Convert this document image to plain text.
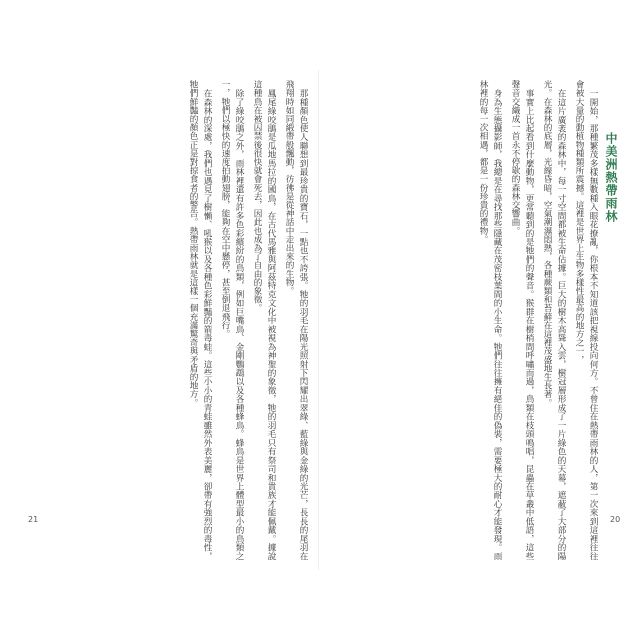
一開始，那種繁茂多樣無數種入眼花撩亂，你根本不知道該把視線投向何方。不曾住在熱帶雨林的人，第一次來到這裡往往會被大量的動植物種類所震撼。這裡是世界上生物多樣性最高的地方之一，

在這片廣袤的森林中，每一寸空間都被生命佔據。巨大的樹木高聳入雲，樹冠層形成了一片綠色的天幕，遮蔽了大部分的陽光。在森林的底層，光線昏暗，空氣潮濕悶熱，各種蕨類和苔蘚在這裡茂盛地生長著。

事實上比起看到什麼動物，更常聽到的是牠們的聲音。猴群在樹梢間呼嘯而過，鳥類在枝頭鳴唱，昆蟲在草叢中低語，這些聲音交織成一首永不停歇的森林交響曲。

身為生態攝影師，我總是在尋找那些隱藏在茂密枝葉間的小生命。牠們往往擁有絕佳的偽裝，需要極大的耐心才能發現。雨林裡的每一次相遇，都是一份珍貴的禮物。	中美洲熱帶雨林

那種顏色使人聯想到最珍貴的寶石，一點也不誇張。牠的羽毛在陽光照射下閃耀出翠綠、藍綠與金綠的光芒，長長的尾羽在飛翔時如同緞帶般飄動，彷彿是從神話中走出來的生物。

鳳尾綠咬鵑是瓜地馬拉的國鳥，在古代馬雅與阿茲特克文化中被視為神聖的象徵，牠的羽毛只有祭司和貴族才能佩戴。據說這種鳥在被囚禁後很快就會死去，因此也成為了自由的象徵。

除了綠咬鵑之外，雨林裡還有許多色彩繽紛的鳥類，例如巨嘴鳥、金剛鸚鵡以及各種蜂鳥。蜂鳥是世界上體型最小的鳥類之一，牠們以極快的速度拍動翅膀，能夠在空中懸停，甚至倒退飛行。

在森林的深處，我們也遇見了樹懶、吼猴以及各種色彩鮮豔的箭毒蛙。這些小小的青蛙雖然外表美麗，卻帶有強烈的毒性，牠們鮮豔的顏色正是對掠食者的警告。熱帶雨林就是這樣一個充滿驚奇與矛盾的地方。

21	20
